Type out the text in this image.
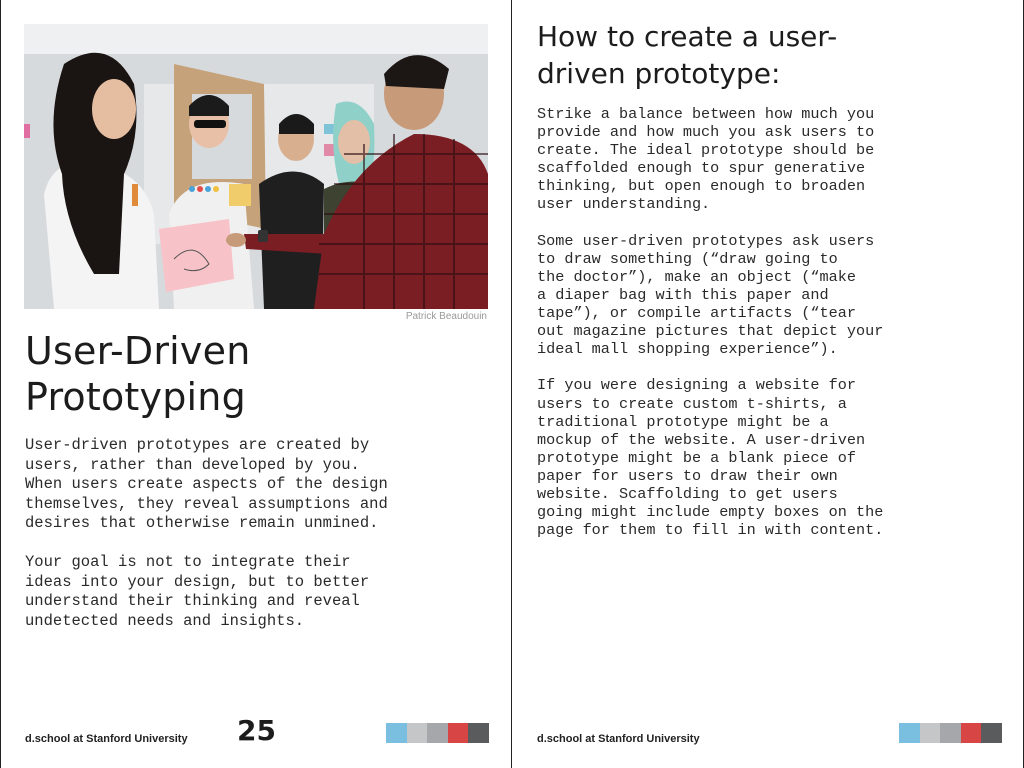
Patrick Beaudouin
User-Driven
Prototyping

User-driven prototypes are created by
users, rather than developed by you.
When users create aspects of the design
themselves, they reveal assumptions and
desires that otherwise remain unmined.

Your goal is not to integrate their
ideas into your design, but to better
understand their thinking and reveal
undetected needs and insights.

d.school at Stanford University 25
How to create a user-
driven prototype:

Strike a balance between how much you
provide and how much you ask users to
create. The ideal prototype should be
scaffolded enough to spur generative
thinking, but open enough to broaden
user understanding.

Some user-driven prototypes ask users
to draw something (“draw going to
the doctor”), make an object (“make
a diaper bag with this paper and
tape”), or compile artifacts (“tear
out magazine pictures that depict your
ideal mall shopping experience”).

If you were designing a website for
users to create custom t-shirts, a
traditional prototype might be a
mockup of the website. A user-driven
prototype might be a blank piece of
paper for users to draw their own
website. Scaffolding to get users
going might include empty boxes on the
page for them to fill in with content.

d.school at Stanford University
